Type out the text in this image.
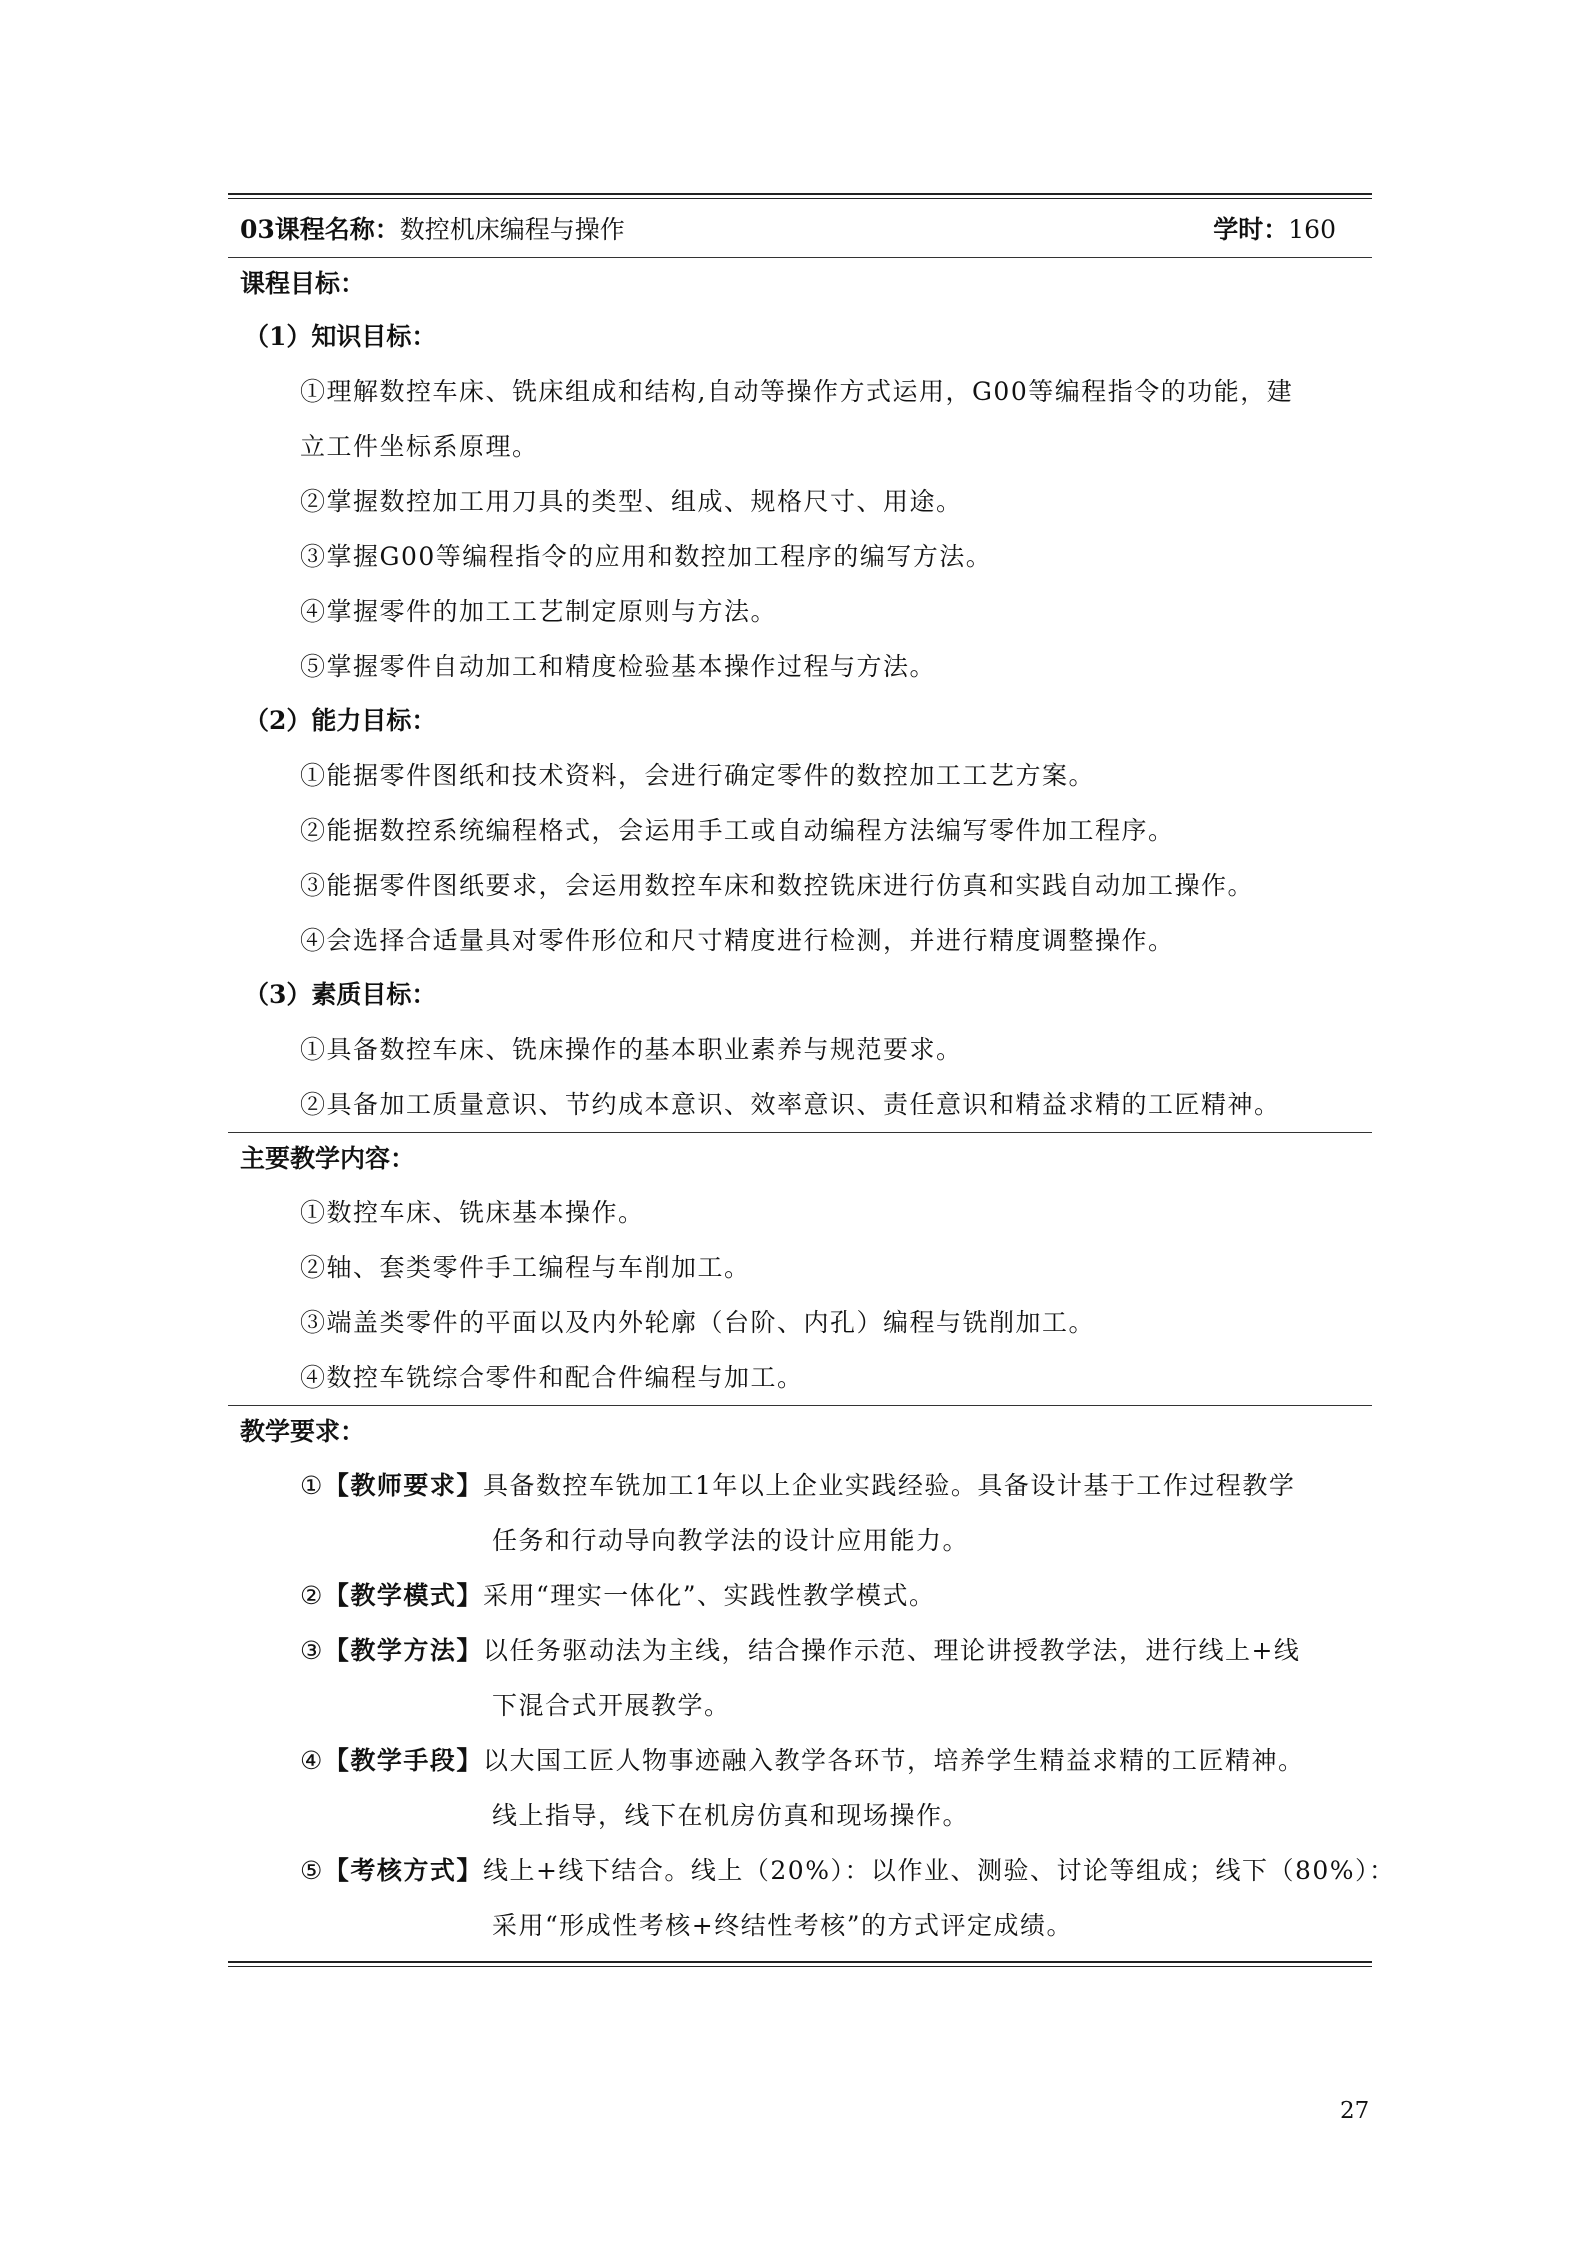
03课程名称：数控机床编程与操作	学时：160
课程目标：
（1）知识目标：
①理解数控车床、铣床组成和结构,自动等操作方式运用，G00等编程指令的功能，建
立工件坐标系原理。
②掌握数控加工用刀具的类型、组成、规格尺寸、用途。
③掌握G00等编程指令的应用和数控加工程序的编写方法。
④掌握零件的加工工艺制定原则与方法。
⑤掌握零件自动加工和精度检验基本操作过程与方法。
（2）能力目标：
①能据零件图纸和技术资料，会进行确定零件的数控加工工艺方案。
②能据数控系统编程格式，会运用手工或自动编程方法编写零件加工程序。
③能据零件图纸要求，会运用数控车床和数控铣床进行仿真和实践自动加工操作。
④会选择合适量具对零件形位和尺寸精度进行检测，并进行精度调整操作。
（3）素质目标：
①具备数控车床、铣床操作的基本职业素养与规范要求。
②具备加工质量意识、节约成本意识、效率意识、责任意识和精益求精的工匠精神。
主要教学内容：
①数控车床、铣床基本操作。
②轴、套类零件手工编程与车削加工。
③端盖类零件的平面以及内外轮廓（台阶、内孔）编程与铣削加工。
④数控车铣综合零件和配合件编程与加工。
教学要求：
①【教师要求】具备数控车铣加工1年以上企业实践经验。具备设计基于工作过程教学
任务和行动导向教学法的设计应用能力。
②【教学模式】采用“理实一体化”、实践性教学模式。
③【教学方法】以任务驱动法为主线，结合操作示范、理论讲授教学法，进行线上+线
下混合式开展教学。
④【教学手段】以大国工匠人物事迹融入教学各环节，培养学生精益求精的工匠精神。
线上指导，线下在机房仿真和现场操作。
⑤【考核方式】线上+线下结合。线上（20%）：以作业、测验、讨论等组成；线下（80%）：
采用“形成性考核+终结性考核”的方式评定成绩。
27
